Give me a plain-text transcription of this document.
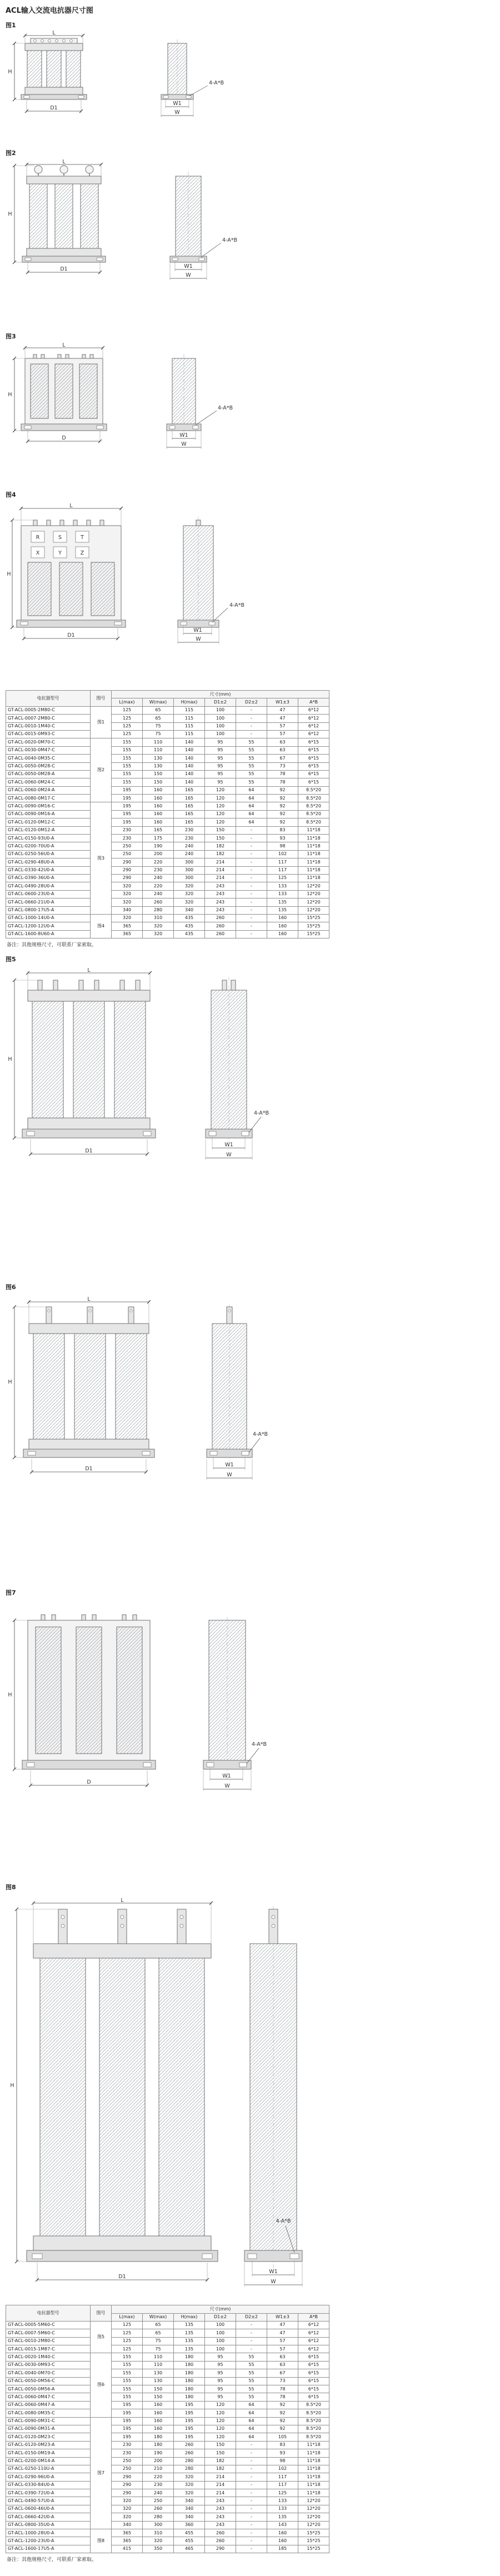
ACL输入交流电抗器尺寸图
图1
L
H
D1
4-A*B
W1
W
图2
L
H
D1
4-A*B
W1
W
图3
L
H
D
4-A*B
W1
W
图4
R	S	T
X	Y	Z
L
H
D1
4-A*B
W1
W
电抗器型号	图号	尺寸(mm)						
		L(max)	W(max)	H(max)	D1±2	D2±2	W1±3	A*B
GT-ACL-0005-2M80-C	图1	125	65	115	100	-	47	6*12
GT-ACL-0007-2M80-C		125	65	115	100	-	47	6*12
GT-ACL-0010-1M40-C		125	75	115	100	-	57	6*12
GT-ACL-0015-0M93-C		125	75	115	100	-	57	6*12
GT-ACL-0020-0M70-C	图2	155	110	140	95	55	63	6*15
GT-ACL-0030-0M47-C		155	110	140	95	55	63	6*15
GT-ACL-0040-0M35-C		155	130	140	95	55	67	6*15
GT-ACL-0050-0M28-C		155	130	140	95	55	73	6*15
GT-ACL-0050-0M28-A		155	150	140	95	55	78	6*15
GT-ACL-0060-0M24-C		155	150	140	95	55	78	6*15
GT-ACL-0060-0M24-A		195	160	165	120	64	92	8.5*20
GT-ACL-0080-0M17-C		195	160	165	120	64	92	8.5*20
GT-ACL-0090-0M16-C	图3	195	160	165	120	64	92	8.5*20
GT-ACL-0090-0M16-A		195	160	165	120	64	92	8.5*20
GT-ACL-0120-0M12-C		195	160	165	120	64	92	8.5*20
GT-ACL-0120-0M12-A		230	165	230	150	-	83	11*18
GT-ACL-0150-93U0-A		230	175	230	150	-	93	11*18
GT-ACL-0200-70U0-A		250	190	240	182	-	98	11*18
GT-ACL-0250-56U0-A		250	200	240	182	-	102	11*18
GT-ACL-0290-48U0-A		290	220	300	214	-	117	11*18
GT-ACL-0330-42U0-A		290	230	300	214	-	117	11*18
GT-ACL-0390-36U0-A		290	240	300	214	-	125	11*18
GT-ACL-0490-28U0-A		320	220	320	243	-	133	12*20
GT-ACL-0600-23U0-A		320	240	320	243	-	133	12*20
GT-ACL-0660-21U0-A		320	260	320	243	-	135	12*20
GT-ACL-0800-17U5-A		340	280	340	243	-	135	12*20
GT-ACL-1000-14U0-A	图4	320	310	435	260	-	160	15*25
GT-ACL-1200-12U0-A		365	320	435	260	-	160	15*25
GT-ACL-1600-8U60-A		365	320	435	260	-	160	15*25
备注：其他规格尺寸，可联系厂家索取。
图5
L
H
D1
4-A*B
W1
W
图6
L
H
D1
4-A*B
W1
W
图7
H
D
4-A*B
W1
W
图8
L
H
D1
4-A*B
W1
W
电抗器型号	图号	尺寸(mm)						
		L(max)	W(max)	H(max)	D1±2	D2±2	W1±3	A*B
GT-ACL-0005-5M60-C	图5	125	65	135	100	-	47	6*12
GT-ACL-0007-5M60-C		125	65	135	100	-	47	6*12
GT-ACL-0010-2M80-C		125	75	135	100	-	57	6*12
GT-ACL-0015-1M87-C		125	75	135	100	-	57	6*12
GT-ACL-0020-1M40-C	图6	155	110	180	95	55	63	6*15
GT-ACL-0030-0M93-C		155	110	180	95	55	63	6*15
GT-ACL-0040-0M70-C		155	130	180	95	55	67	6*15
GT-ACL-0050-0M56-C		155	130	180	95	55	73	6*15
GT-ACL-0050-0M56-A		155	150	180	95	55	78	6*15
GT-ACL-0060-0M47-C		155	150	180	95	55	78	6*15
GT-ACL-0060-0M47-A		195	160	195	120	64	92	8.5*20
GT-ACL-0080-0M35-C		195	160	195	120	64	92	8.5*20
GT-ACL-0090-0M31-C	图7	195	160	195	120	64	92	8.5*20
GT-ACL-0090-0M31-A		195	160	195	120	64	92	8.5*20
GT-ACL-0120-0M23-C		195	180	195	120	64	105	8.5*20
GT-ACL-0120-0M23-A		230	180	260	150	-	83	11*18
GT-ACL-0150-0M19-A		230	190	260	150	-	93	11*18
GT-ACL-0200-0M14-A		250	200	280	182	-	98	11*18
GT-ACL-0250-110U-A		250	210	280	182	-	102	11*18
GT-ACL-0290-96U0-A		290	220	320	214	-	117	11*18
GT-ACL-0330-84U0-A		290	230	320	214	-	117	11*18
GT-ACL-0390-72U0-A		290	240	320	214	-	125	11*18
GT-ACL-0490-57U0-A		320	250	340	243	-	133	12*20
GT-ACL-0600-46U0-A		320	260	340	243	-	133	12*20
GT-ACL-0660-42U0-A		320	280	340	243	-	135	12*20
GT-ACL-0800-35U0-A		340	300	360	243	-	143	12*20
GT-ACL-1000-28U0-A	图8	365	310	455	260	-	160	15*25
GT-ACL-1200-23U0-A		365	320	455	260	-	160	15*25
GT-ACL-1600-17U5-A		415	350	465	290	-	185	15*25
备注：其他规格尺寸，可联系厂家索取。
